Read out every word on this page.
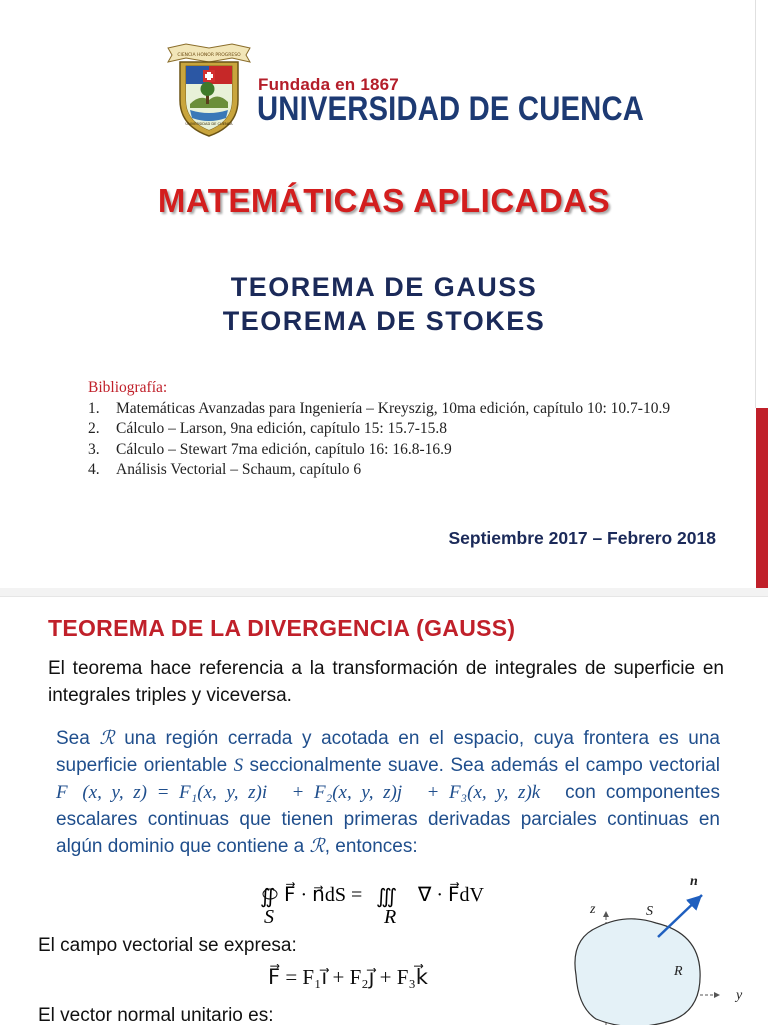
CIENCIA HONOR PROGRESO
UNIVERSIDAD DE CUENCA
Fundada en 1867
UNIVERSIDAD DE CUENCA
MATEMÁTICAS APLICADAS
TEOREMA DE GAUSS
TEOREMA DE STOKES
Bibliografía:
1. Matemáticas Avanzadas para Ingeniería – Kreyszig, 10ma edición, capítulo 10: 10.7-10.9
2. Cálculo – Larson, 9na edición, capítulo 15: 15.7-15.8
3. Cálculo – Stewart 7ma edición, capítulo 16: 16.8-16.9
4. Análisis Vectorial – Schaum, capítulo 6
Septiembre 2017 – Febrero 2018
TEOREMA DE LA DIVERGENCIA (GAUSS)
El teorema hace referencia a la transformación de integrales de superficie en integrales triples y viceversa.
Sea ℛ una región cerrada y acotada en el espacio, cuya frontera es una superficie orientable S seccionalmente suave. Sea además el campo vectorial F⃗(x, y, z) = F₁(x, y, z)i⃗ + F₂(x, y, z)j⃗ + F₃(x, y, z)k⃗ con componentes escalares continuas que tienen primeras derivadas parciales continuas en algún dominio que contiene a ℛ, entonces:
∬ F⃗ · n⃗dS =
S
∭ ∇ · F⃗dV
R
El campo vectorial se expresa:
F⃗ = F₁i⃗ + F₂j⃗ + F₃k⃗
El vector normal unitario es:
z
y
S
R
n⃗
